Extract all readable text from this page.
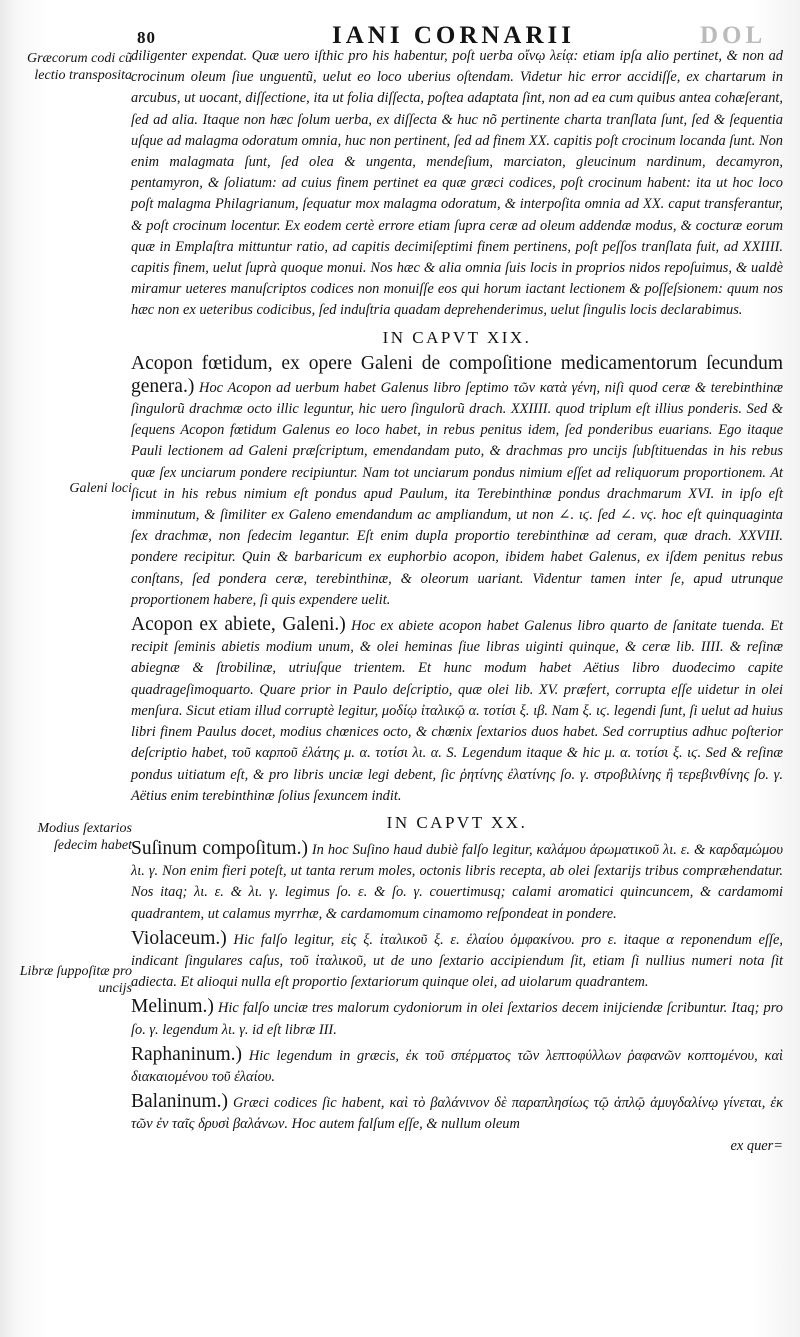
80	IANI CORNARII	DOL
Græcorum codi cũ lectio transposita
Galeni loci
Modius ſextarios ſedecim habet
Libræ ſuppoſitæ pro uncijs

diligenter expendat. Quæ uero iſthic pro his habentur, poſt uerba οἴνῳ λείᾳ: etiam ipſa alio pertinet, & non ad crocinum oleum ſiue unguentũ, uelut eo loco uberius oſtendam. Videtur hic error accidiſſe, ex chartarum in arcubus, ut uocant, diſſectione, ita ut folia diſſecta, poſtea adaptata ſint, non ad ea cum quibus antea cohæſerant, ſed ad alia. Itaque non hæc ſolum uerba, ex diſſecta & huc nõ pertinente charta tranſlata ſunt, ſed & ſequentia uſque ad malagma odoratum omnia, huc non pertinent, ſed ad finem XX. capitis poſt crocinum locanda ſunt. Non enim malagmata ſunt, ſed olea & ungenta, mendeſium, marciaton, gleucinum nardinum, decamyron, pentamyron, & ſoliatum: ad cuius finem pertinet ea quæ græci codices, poſt crocinum habent: ita ut hoc loco poſt malagma Philagrianum, ſequatur mox malagma odoratum, & interpoſita omnia ad XX. caput transferantur, & poſt crocinum locentur. Ex eodem certè errore etiam ſupra ceræ ad oleum addendæ modus, & cocturæ eorum quæ in Emplaſtra mittuntur ratio, ad capitis decimiſeptimi finem pertinens, poſt peſſos tranſlata fuit, ad XXIIII. capitis finem, uelut ſuprà quoque monui. Nos hæc & alia omnia ſuis locis in proprios nidos repoſuimus, & ualdè miramur ueteres manuſcriptos codices non monuiſſe eos qui horum iactant lectionem & poſſeſsionem: quum nos hæc non ex ueteribus codicibus, ſed induſtria quadam deprehenderimus, uelut ſingulis locis declarabimus.

IN CAPVT XIX.

Acopon fœtidum, ex opere Galeni de compoſitione medicamentorum ſecundum genera.) Hoc Acopon ad uerbum habet Galenus libro ſeptimo τῶν κατὰ γένη, niſi quod ceræ & terebinthinæ ſingulorũ drachmæ octo illic leguntur, hic uero ſingulorũ drach. XXIIII. quod triplum eſt illius ponderis. Sed & ſequens Acopon fœtidum Galenus eo loco habet, in rebus penitus idem, ſed ponderibus euarians. Ego itaque Pauli lectionem ad Galeni præſcriptum, emendandam puto, & drachmas pro uncijs ſubſtituendas in his rebus quæ ſex unciarum pondere recipiuntur. Nam tot unciarum pondus nimium eſſet ad reliquorum proportionem. At ſicut in his rebus nimium eſt pondus apud Paulum, ita Terebinthinæ pondus drachmarum XVI. in ipſo eſt imminutum, & ſimiliter ex Galeno emendandum ac ampliandum, ut non ∠. ιϛ. ſed ∠. νϛ. hoc eſt quinquaginta ſex drachmæ, non ſedecim legantur. Eſt enim dupla proportio terebinthinæ ad ceram, quæ drach. XXVIII. pondere recipitur. Quin & barbaricum ex euphorbio acopon, ibidem habet Galenus, ex iſdem penitus rebus conſtans, ſed pondera ceræ, terebinthinæ, & oleorum uariant. Videntur tamen inter ſe, apud utrunque proportionem habere, ſi quis expendere uelit.

Acopon ex abiete, Galeni.) Hoc ex abiete acopon habet Galenus libro quarto de ſanitate tuenda. Et recipit ſeminis abietis modium unum, & olei heminas ſiue libras uiginti quinque, & ceræ lib. IIII. & reſinæ abiegnæ & ſtrobilinæ, utriuſque trientem. Et hunc modum habet Aëtius libro duodecimo capite quadrageſimoquarto. Quare prior in Paulo deſcriptio, quæ olei lib. XV. præfert, corrupta eſſe uidetur in olei menſura. Sicut etiam illud corruptè legitur, μοδίῳ ἰταλικῷ α. τοτίσι ξ. ιβ. Nam ξ. ιϛ. legendi ſunt, ſi uelut ad huius libri finem Paulus docet, modius chœnices octo, & chœnix ſextarios duos habet. Sed corruptius adhuc poſterior deſcriptio habet, τοῦ καρποῦ ἐλάτης μ. α. τοτίσι λι. α. S. Legendum itaque & hic μ. α. τοτίσι ξ. ιϛ. Sed & reſinæ pondus uitiatum eſt, & pro libris unciæ legi debent, ſic ῥητίνης ἐλατίνης ſο. γ. στροβιλίνης ἢ τερεβινθίνης ſο. γ. Aëtius enim terebinthinæ ſolius ſexuncem indit.

IN CAPVT XX.

Suſinum compoſitum.) In hoc Suſino haud dubiè falſo legitur, καλάμου ἀρωματικοῦ λι. ε. & καρδαμώμου λι. γ. Non enim fieri poteſt, ut tanta rerum moles, octonis libris recepta, ab olei ſextarijs tribus compræhendatur. Nos itaq; λι. ε. & λι. γ. legimus ſο. ε. & ſο. γ. couertimusq; calami aromatici quincuncem, & cardamomi quadrantem, ut calamus myrrhæ, & cardamomum cinamomo reſpondeat in pondere.

Violaceum.) Hic falſo legitur, εἰς ξ. ἰταλικοῦ ξ. ε. ἐλαίου ὀμφακίνου. pro ε. itaque α reponendum eſſe, indicant ſingulares caſus, τοῦ ἰταλικοῦ, ut de uno ſextario accipiendum ſit, etiam ſi nullius numeri nota ſit adiecta. Et alioqui nulla eſt proportio ſextariorum quinque olei, ad uiolarum quadrantem.

Melinum.) Hic falſo unciæ tres malorum cydoniorum in olei ſextarios decem inijciendæ ſcribuntur. Itaq; pro ſο. γ. legendum λι. γ. id eſt libræ III.

Raphaninum.) Hic legendum in græcis, ἐκ τοῦ σπέρματος τῶν λεπτοφύλλων ῥαφανῶν κοπτομένου, καὶ διακαιομένου τοῦ ἐλαίου.

Balaninum.) Græci codices ſic habent, καὶ τὸ βαλάνινον δὲ παραπλησίως τῷ ἁπλῷ ἀμυγδαλίνῳ γίνεται, ἐκ τῶν ἐν ταῖς δρυσὶ βαλάνων. Hoc autem falſum eſſe, & nullum oleum

ex quer=
